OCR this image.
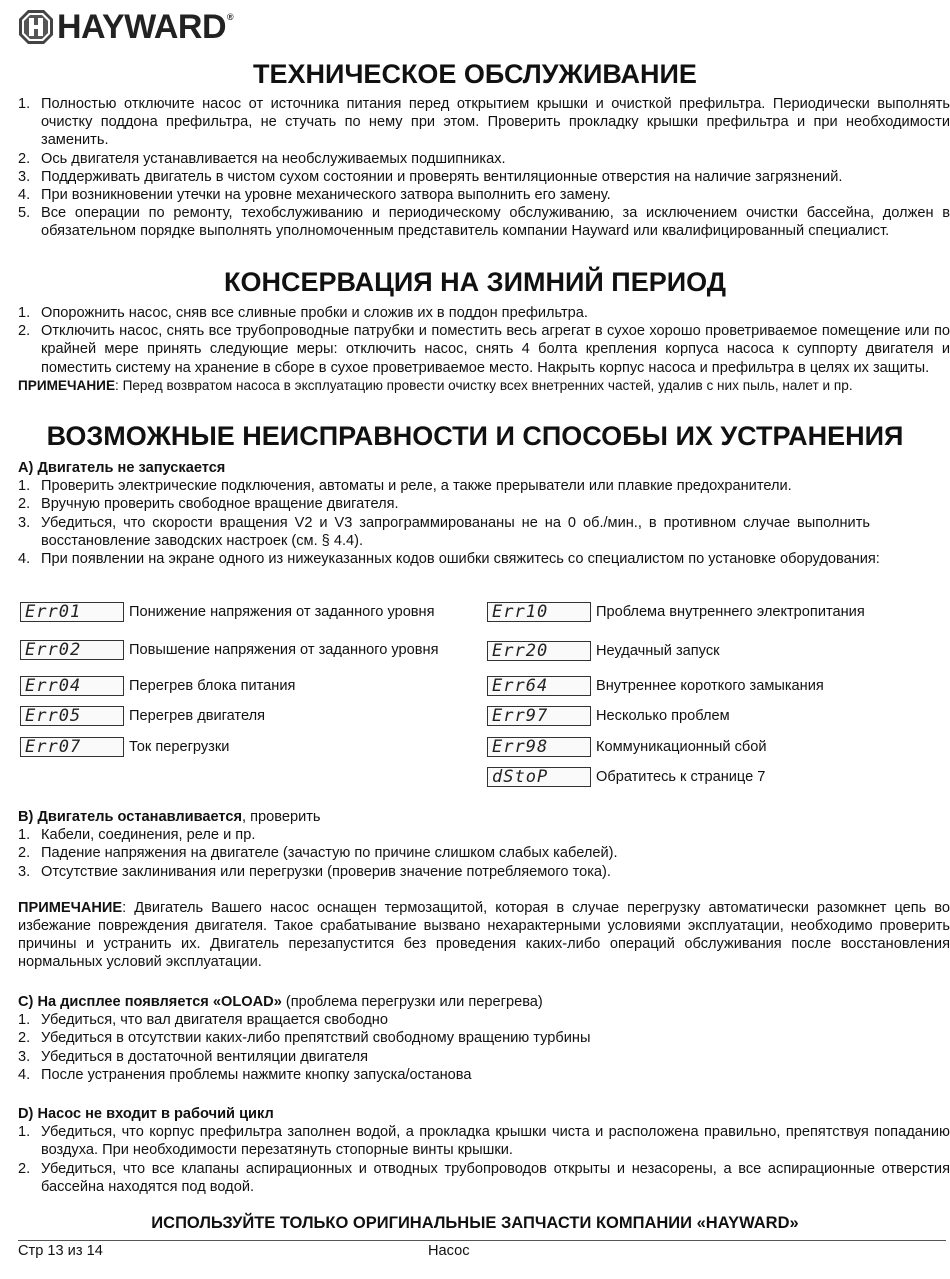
HAYWARD®
ТЕХНИЧЕСКОЕ ОБСЛУЖИВАНИЕ
1. Полностью отключите насос от источника питания перед открытием крышки и очисткой префильтра. Периодически выполнять очистку поддона префильтра, не стучать по нему при этом. Проверить прокладку крышки префильтра и при необходимости заменить.
2. Ось двигателя устанавливается на необслуживаемых подшипниках.
3. Поддерживать двигатель в чистом сухом состоянии и проверять вентиляционные отверстия на наличие загрязнений.
4. При возникновении утечки на уровне механического затвора выполнить его замену.
5. Все операции по ремонту, техобслуживанию и периодическому обслуживанию, за исключением очистки бассейна, должен в обязательном порядке выполнять уполномоченным представитель компании Hayward или квалифицированный специалист.
КОНСЕРВАЦИЯ НА ЗИМНИЙ ПЕРИОД
1. Опорожнить насос, сняв все сливные пробки и сложив их в поддон префильтра.
2. Отключить насос, снять все трубопроводные патрубки и поместить весь агрегат в сухое хорошо проветриваемое помещение или по крайней мере принять следующие меры: отключить насос, снять 4 болта крепления корпуса насоса к суппорту двигателя и поместить систему на хранение в сборе в сухое проветриваемое место. Накрыть корпус насоса и префильтра в целях их защиты.
ПРИМЕЧАНИЕ: Перед возвратом насоса в эксплуатацию провести очистку всех внетренних частей, удалив с них пыль, налет и пр.
ВОЗМОЖНЫЕ НЕИСПРАВНОСТИ И СПОСОБЫ ИХ УСТРАНЕНИЯ
A) Двигатель не запускается
1. Проверить электрические подключения, автоматы и реле, а также прерыватели или плавкие предохранители.
2. Вручную проверить свободное вращение двигателя.
3. Убедиться, что скорости вращения V2 и V3 запрограммировананы не на 0 об./мин., в противном случае выполнить восстановление заводских настроек (см. § 4.4).
4. При появлении на экране одного из нижеуказанных кодов ошибки свяжитесь со специалистом по установке оборудования:
Err01	Понижение напряжения от заданного уровня
Err02	Повышение напряжения от заданного уровня
Err04	Перегрев блока питания
Err05	Перегрев двигателя
Err07	Ток перегрузки
Err10	Проблема внутреннего электропитания
Err20	Неудачный запуск
Err64	Внутреннее короткого замыкания
Err97	Несколько проблем
Err98	Коммуникационный сбой
dStoP	Обратитесь к странице 7
B) Двигатель останавливается, проверить
1. Кабели, соединения, реле и пр.
2. Падение напряжения на двигателе (зачастую по причине слишком слабых кабелей).
3. Отсутствие заклинивания или перегрузки (проверив значение потребляемого тока).
ПРИМЕЧАНИЕ: Двигатель Вашего насос оснащен термозащитой, которая в случае перегрузку автоматически разомкнет цепь во избежание повреждения двигателя. Такое срабатывание вызвано нехарактерными условиями эксплуатации, необходимо проверить причины и устранить их. Двигатель перезапустится без проведения каких-либо операций обслуживания после восстановления нормальных условий эксплуатации.
C) На дисплее появляется «OLOAD» (проблема перегрузки или перегрева)
1. Убедиться, что вал двигателя вращается свободно
2. Убедиться в отсутствии каких-либо препятствий свободному вращению турбины
3. Убедиться в достаточной вентиляции двигателя
4. После устранения проблемы нажмите кнопку запуска/останова
D) Насос не входит в рабочий цикл
1. Убедиться, что корпус префильтра заполнен водой, а прокладка крышки чиста и расположена правильно, препятствуя попаданию воздуха. При необходимости перезатянуть стопорные винты крышки.
2. Убедиться, что все клапаны аспирационных и отводных трубопроводов открыты и незасорены, а все аспирационные отверстия бассейна находятся под водой.
ИСПОЛЬЗУЙТЕ ТОЛЬКО ОРИГИНАЛЬНЫЕ ЗАПЧАСТИ КОМПАНИИ «HAYWARD»
Стр 13 из 14	Насос
